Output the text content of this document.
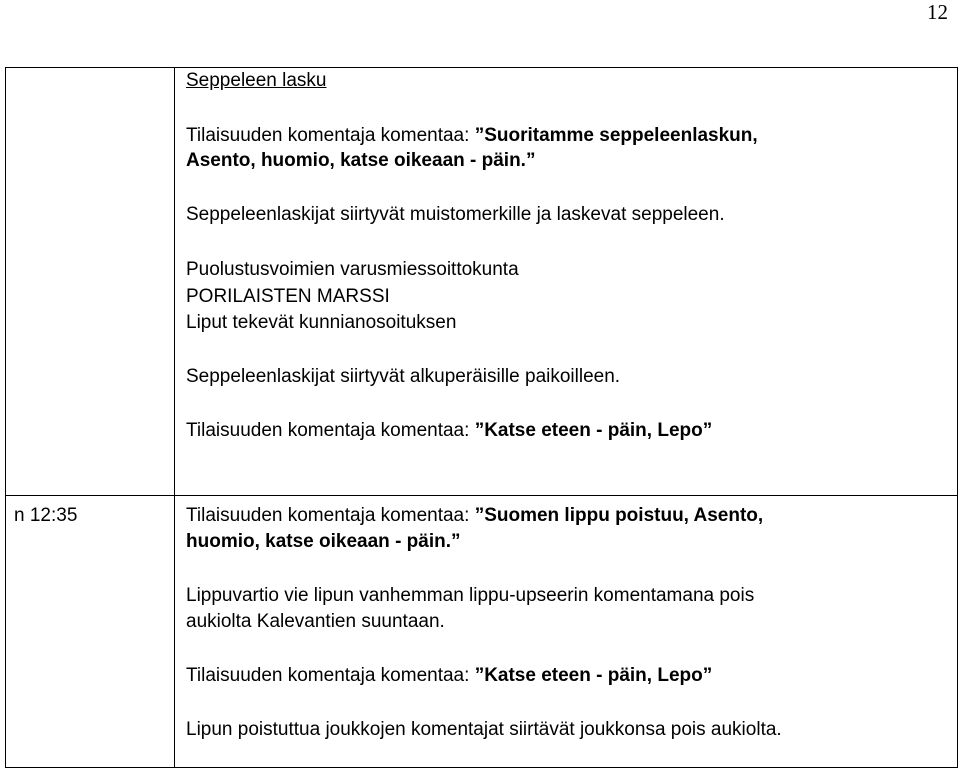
12
Seppeleen lasku
Tilaisuuden komentaja komentaa: ”Suoritamme seppeleenlaskun,
Asento, huomio, katse oikeaan - päin.”
Seppeleenlaskijat siirtyvät muistomerkille ja laskevat seppeleen.
Puolustusvoimien varusmiessoittokunta
PORILAISTEN MARSSI
Liput tekevät kunnianosoituksen
Seppeleenlaskijat siirtyvät alkuperäisille paikoilleen.
Tilaisuuden komentaja komentaa: ”Katse eteen - päin, Lepo”
n 12:35	Tilaisuuden komentaja komentaa: ”Suomen lippu poistuu, Asento,
huomio, katse oikeaan - päin.”
Lippuvartio vie lipun vanhemman lippu-upseerin komentamana pois
aukiolta Kalevantien suuntaan.
Tilaisuuden komentaja komentaa: ”Katse eteen - päin, Lepo”
Lipun poistuttua joukkojen komentajat siirtävät joukkonsa pois aukiolta.
